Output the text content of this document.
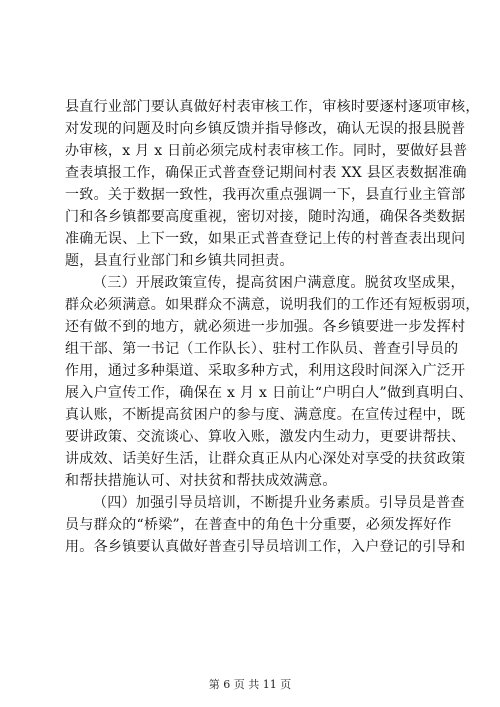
县直行业部门要认真做好村表审核工作，审核时要逐村逐项审核，
对发现的问题及时向乡镇反馈并指导修改，确认无误的报县脱普
办审核，x 月 x 日前必须完成村表审核工作。同时，要做好县普
查表填报工作，确保正式普查登记期间村表 XX 县区表数据准确
一致。关于数据一致性，我再次重点强调一下，县直行业主管部
门和各乡镇都要高度重视，密切对接，随时沟通，确保各类数据
准确无误、上下一致，如果正式普查登记上传的村普查表出现问
题，县直行业部门和乡镇共同担责。
（三）开展政策宣传，提高贫困户满意度。脱贫攻坚成果，
群众必须满意。如果群众不满意，说明我们的工作还有短板弱项，
还有做不到的地方，就必须进一步加强。各乡镇要进一步发挥村
组干部、第一书记（工作队长）、驻村工作队员、普查引导员的
作用，通过多种渠道、采取多种方式，利用这段时间深入广泛开
展入户宣传工作，确保在 x 月 x 日前让“户明白人”做到真明白、
真认账，不断提高贫困户的参与度、满意度。在宣传过程中，既
要讲政策、交流谈心、算收入账，激发内生动力，更要讲帮扶、
讲成效、话美好生活，让群众真正从内心深处对享受的扶贫政策
和帮扶措施认可、对扶贫和帮扶成效满意。
（四）加强引导员培训，不断提升业务素质。引导员是普查
员与群众的“桥梁”，在普查中的角色十分重要，必须发挥好作
用。各乡镇要认真做好普查引导员培训工作，入户登记的引导和
第 6 页 共 11 页
